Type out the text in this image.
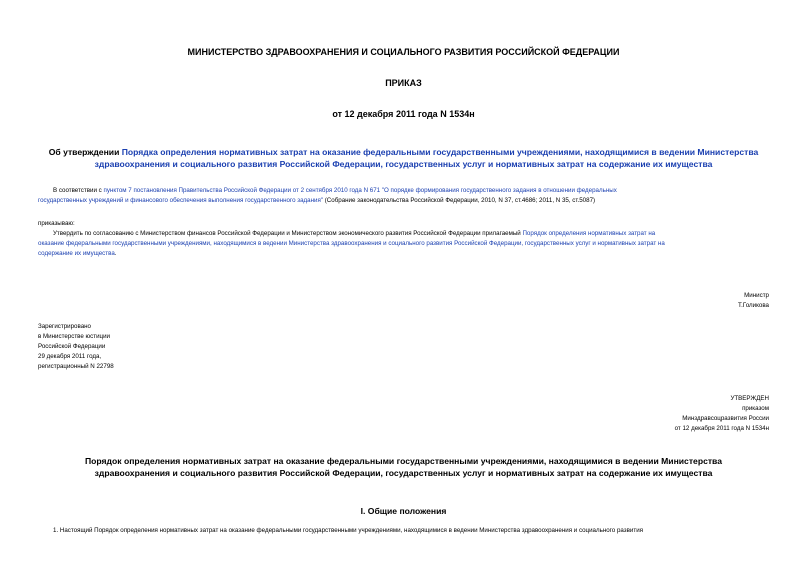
МИНИСТЕРСТВО ЗДРАВООХРАНЕНИЯ И СОЦИАЛЬНОГО РАЗВИТИЯ РОССИЙСКОЙ ФЕДЕРАЦИИ
ПРИКАЗ
от 12 декабря 2011 года N 1534н
Об утверждении Порядка определения нормативных затрат на оказание федеральными государственными учреждениями, находящимися в ведении Министерства
здравоохранения и социального развития Российской Федерации, государственных услуг и нормативных затрат на содержание их имущества
В соответствии с пунктом 7 постановления Правительства Российской Федерации от 2 сентября 2010 года N 671 "О порядке формирования государственного задания в отношении федеральных
государственных учреждений и финансового обеспечения выполнения государственного задания" (Собрание законодательства Российской Федерации, 2010, N 37, ст.4686; 2011, N 35, ст.5087)
приказываю:
Утвердить по согласованию с Министерством финансов Российской Федерации и Министерством экономического развития Российской Федерации прилагаемый Порядок определения нормативных затрат на
оказание федеральными государственными учреждениями, находящимися в ведении Министерства здравоохранения и социального развития Российской Федерации, государственных услуг и нормативных затрат на
содержание их имущества.
Министр
Т.Голикова
Зарегистрировано
в Министерстве юстиции
Российской Федерации
29 декабря 2011 года,
регистрационный N 22798
УТВЕРЖДЕН
приказом
Минздравсоцразвития России
от 12 декабря 2011 года N 1534н
Порядок определения нормативных затрат на оказание федеральными государственными учреждениями, находящимися в ведении Министерства
здравоохранения и социального развития Российской Федерации, государственных услуг и нормативных затрат на содержание их имущества
I. Общие положения
1. Настоящий Порядок определения нормативных затрат на оказание федеральными государственными учреждениями, находящимися в ведении Министерства здравоохранения и социального развития
